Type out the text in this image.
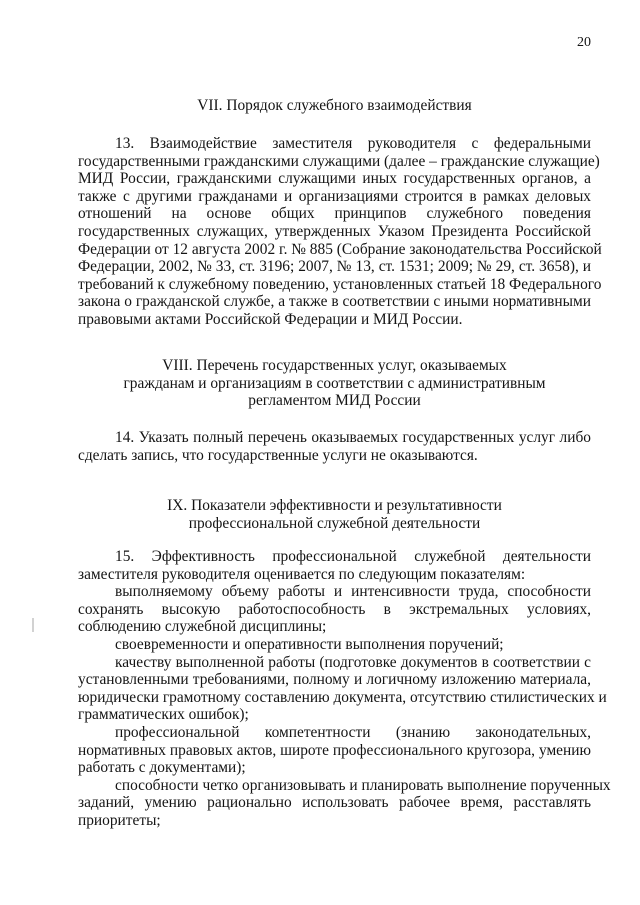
20
VII. Порядок служебного взаимодействия
13. Взаимодействие заместителя руководителя с федеральными
государственными гражданскими служащими (далее – гражданские служащие)
МИД России, гражданскими служащими иных государственных органов, а
также с другими гражданами и организациями строится в рамках деловых
отношений на основе общих принципов служебного поведения
государственных служащих, утвержденных Указом Президента Российской
Федерации от 12 августа 2002 г. № 885 (Собрание законодательства Российской
Федерации, 2002, № 33, ст. 3196; 2007, № 13, ст. 1531; 2009; № 29, ст. 3658), и
требований к служебному поведению, установленных статьей 18 Федерального
закона о гражданской службе, а также в соответствии с иными нормативными
правовыми актами Российской Федерации и МИД России.
VIII. Перечень государственных услуг, оказываемых
гражданам и организациям в соответствии с административным
регламентом МИД России
14. Указать полный перечень оказываемых государственных услуг либо
сделать запись, что государственные услуги не оказываются.
IX. Показатели эффективности и результативности
профессиональной служебной деятельности
15. Эффективность профессиональной служебной деятельности
заместителя руководителя оценивается по следующим показателям:
выполняемому объему работы и интенсивности труда, способности
сохранять высокую работоспособность в экстремальных условиях,
соблюдению служебной дисциплины;
своевременности и оперативности выполнения поручений;
качеству выполненной работы (подготовке документов в соответствии с
установленными требованиями, полному и логичному изложению материала,
юридически грамотному составлению документа, отсутствию стилистических и
грамматических ошибок);
профессиональной компетентности (знанию законодательных,
нормативных правовых актов, широте профессионального кругозора, умению
работать с документами);
способности четко организовывать и планировать выполнение порученных
заданий, умению рационально использовать рабочее время, расставлять
приоритеты;
